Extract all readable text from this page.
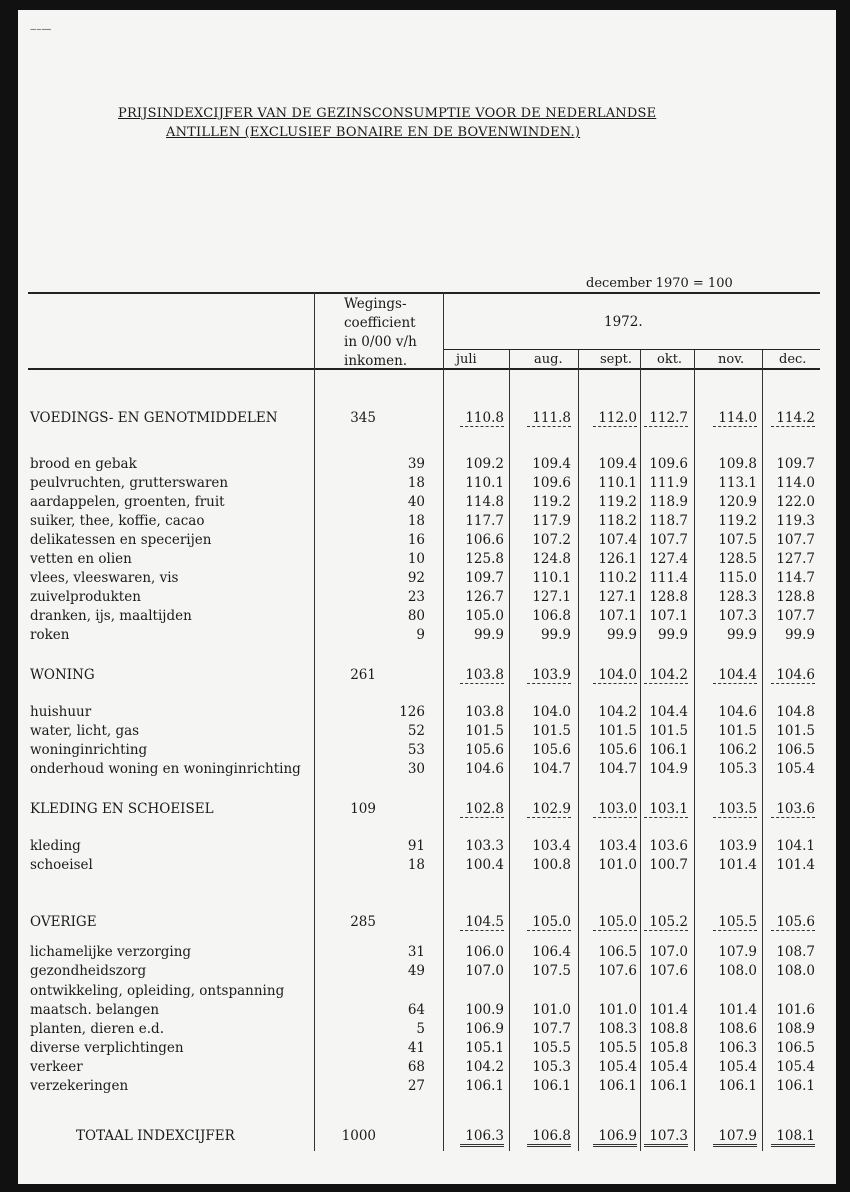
‒–—
PRIJSINDEXCIJFER VAN DE GEZINSCONSUMPTIE VOOR DE NEDERLANDSE
ANTILLEN (EXCLUSIEF BONAIRE EN DE BOVENWINDEN.)
december 1970 = 100
Wegings-
coefficient
in 0/00 v/h
inkomen.
1972.
juli	aug.	sept. okt.	nov.	dec.
VOEDINGS- EN GENOTMIDDELEN	345	110.8	111.8	112.0 112.7	114.0	114.2
brood en gebak	39	109.2	109.4	109.4 109.6	109.8	109.7
peulvruchten, grutterswaren	18	110.1	109.6	110.1 111.9	113.1	114.0
aardappelen, groenten, fruit	40	114.8	119.2	119.2 118.9	120.9	122.0
suiker, thee, koffie, cacao	18	117.7	117.9	118.2 118.7	119.2	119.3
delikatessen en specerijen	16	106.6	107.2	107.4 107.7	107.5	107.7
vetten en olien	10	125.8	124.8	126.1 127.4	128.5	127.7
vlees, vleeswaren, vis	92	109.7	110.1	110.2 111.4	115.0	114.7
zuivelprodukten	23	126.7	127.1	127.1 128.8	128.3	128.8
dranken, ijs, maaltijden	80	105.0	106.8	107.1 107.1	107.3	107.7
roken	9	99.9	99.9	99.9	99.9	99.9	99.9
WONING	261	103.8	103.9	104.0 104.2	104.4	104.6
huishuur	126	103.8	104.0	104.2 104.4	104.6	104.8
water, licht, gas	52	101.5	101.5	101.5 101.5	101.5	101.5
woninginrichting	53	105.6	105.6	105.6 106.1	106.2	106.5
onderhoud woning en woninginrichting	30	104.6	104.7	104.7 104.9	105.3	105.4
KLEDING EN SCHOEISEL	109	102.8	102.9	103.0 103.1	103.5	103.6
kleding	91	103.3	103.4	103.4 103.6	103.9	104.1
schoeisel	18	100.4	100.8	101.0 100.7	101.4	101.4
OVERIGE	285	104.5	105.0	105.0 105.2	105.5	105.6
lichamelijke verzorging	31	106.0	106.4	106.5 107.0	107.9	108.7
gezondheidszorg	49	107.0	107.5	107.6 107.6	108.0	108.0
ontwikkeling, opleiding, ontspanning
maatsch. belangen	64	100.9	101.0	101.0 101.4	101.4	101.6
planten, dieren e.d.	5	106.9	107.7	108.3 108.8	108.6	108.9
diverse verplichtingen	41	105.1	105.5	105.5 105.8	106.3	106.5
verkeer	68	104.2	105.3	105.4 105.4	105.4	105.4
verzekeringen	27	106.1	106.1	106.1 106.1	106.1	106.1
TOTAAL INDEXCIJFER	1000	106.3	106.8	106.9 107.3	107.9	108.1
